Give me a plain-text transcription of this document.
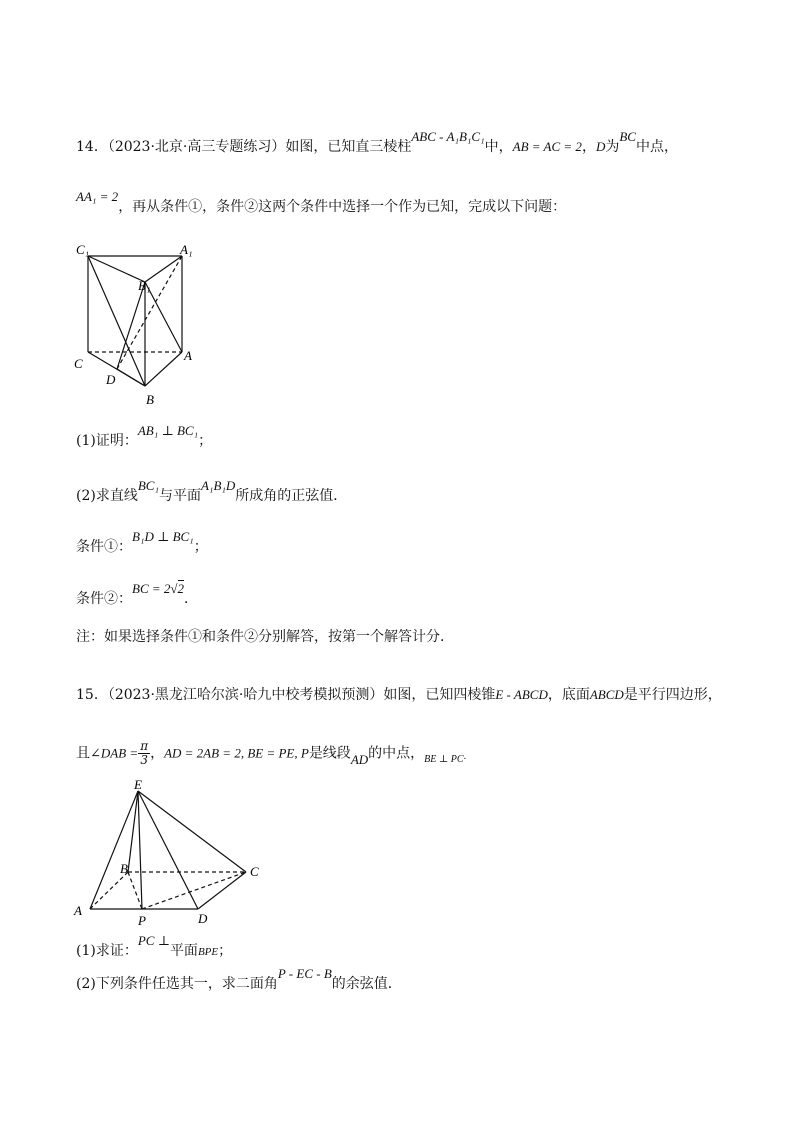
14．（2023·北京·高三专题练习）如图，已知直三棱柱ABC - A₁B₁C₁中，AB = AC = 2，D为BC中点，
AA₁ = 2，再从条件①，条件②这两个条件中选择一个作为已知，完成以下问题：
C₁	A₁
B₁
C
A
D
B
(1)证明：AB₁ ⊥ BC₁；
(2)求直线BC₁与平面A₁B₁D所成角的正弦值．
条件①：B₁D ⊥ BC₁；
条件②：BC = 2√2．
注：如果选择条件①和条件②分别解答，按第一个解答计分．
15．（2023·黑龙江哈尔滨·哈九中校考模拟预测）如图，已知四棱锥E - ABCD，底面ABCD是平行四边形，
且∠DAB = $\frac{\pi}{3}$ ，AD = 2AB = 2, BE = PE, P是线段AD的中点，$_{BE \perp PC\cdot}$
E
B	C
A
P	D
(1)求证：PC ⊥平面BPE；
(2)下列条件任选其一，求二面角P - EC - B的余弦值．
